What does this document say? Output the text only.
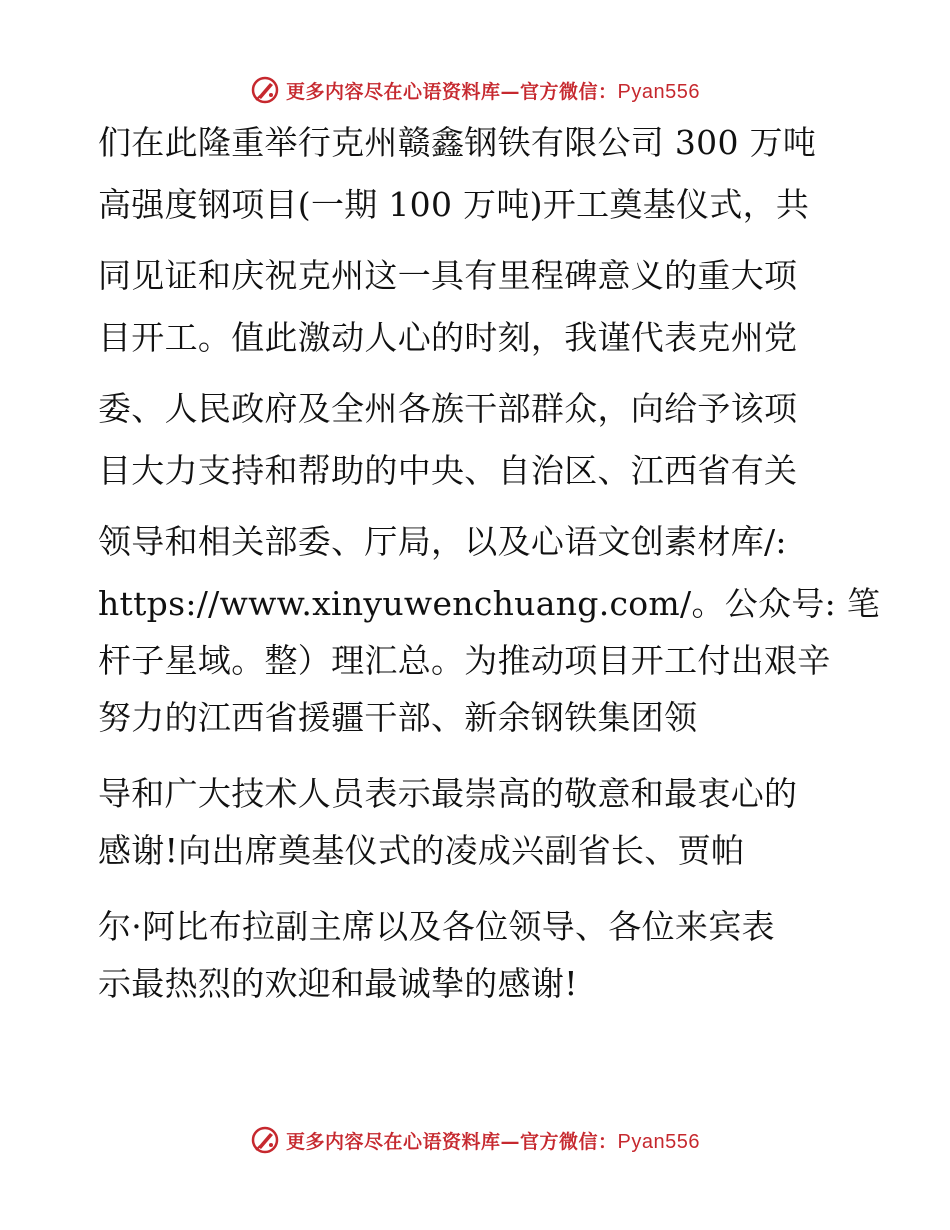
更多内容尽在心语资料库—官方微信：Pyan556
们在此隆重举行克州赣鑫钢铁有限公司 300 万吨
高强度钢项目(一期 100 万吨)开工奠基仪式，共
同见证和庆祝克州这一具有里程碑意义的重大项
目开工。值此激动人心的时刻，我谨代表克州党
委、人民政府及全州各族干部群众，向给予该项
目大力支持和帮助的中央、自治区、江西省有关
领导和相关部委、厅局，以及心语文创素材库/:
https://www.xinyuwenchuang.com/。公众号: 笔
杆子星域。整）理汇总。为推动项目开工付出艰辛
努力的江西省援疆干部、新余钢铁集团领
导和广大技术人员表示最崇高的敬意和最衷心的
感谢!向出席奠基仪式的凌成兴副省长、贾帕
尔·阿比布拉副主席以及各位领导、各位来宾表
示最热烈的欢迎和最诚挚的感谢!
更多内容尽在心语资料库—官方微信：Pyan556
